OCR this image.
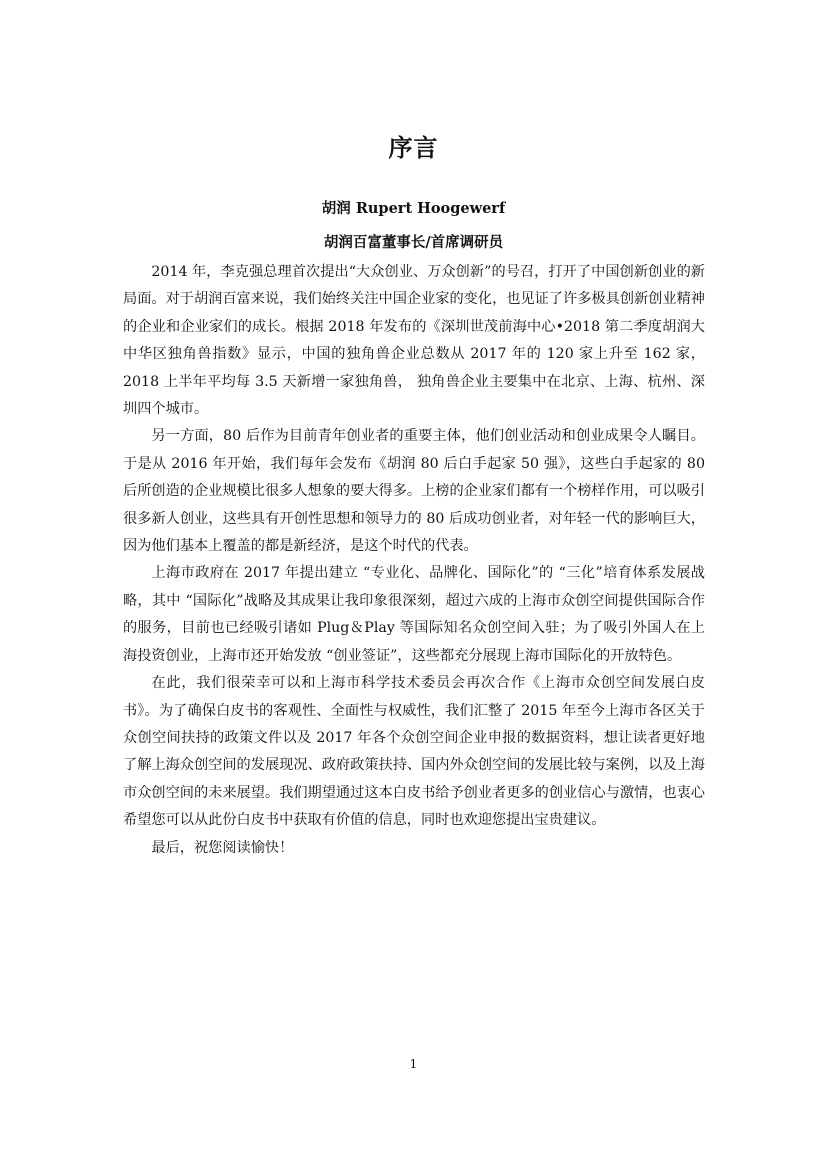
序言
胡润 Rupert Hoogewerf
胡润百富董事长/首席调研员

2014 年，李克强总理首次提出“大众创业、万众创新”的号召，打开了中国创新创业的新局面。对于胡润百富来说，我们始终关注中国企业家的变化，也见证了许多极具创新创业精神的企业和企业家们的成长。根据 2018 年发布的《深圳世茂前海中心•2018 第二季度胡润大中华区独角兽指数》显示，中国的独角兽企业总数从 2017 年的 120 家上升至 162 家，2018 上半年平均每 3.5 天新增一家独角兽， 独角兽企业主要集中在北京、上海、杭州、深圳四个城市。

另一方面，80 后作为目前青年创业者的重要主体，他们创业活动和创业成果令人瞩目。于是从 2016 年开始，我们每年会发布《胡润 80 后白手起家 50 强》，这些白手起家的 80 后所创造的企业规模比很多人想象的要大得多。上榜的企业家们都有一个榜样作用，可以吸引很多新人创业，这些具有开创性思想和领导力的 80 后成功创业者，对年轻一代的影响巨大，因为他们基本上覆盖的都是新经济，是这个时代的代表。

上海市政府在 2017 年提出建立 “专业化、品牌化、国际化”的 “三化”培育体系发展战略，其中 “国际化”战略及其成果让我印象很深刻，超过六成的上海市众创空间提供国际合作的服务，目前也已经吸引诸如 Plug＆Play 等国际知名众创空间入驻；为了吸引外国人在上海投资创业，上海市还开始发放 “创业签证”，这些都充分展现上海市国际化的开放特色。

在此，我们很荣幸可以和上海市科学技术委员会再次合作《上海市众创空间发展白皮书》。为了确保白皮书的客观性、全面性与权威性，我们汇整了 2015 年至今上海市各区关于众创空间扶持的政策文件以及 2017 年各个众创空间企业申报的数据资料，想让读者更好地了解上海众创空间的发展现况、政府政策扶持、国内外众创空间的发展比较与案例，以及上海市众创空间的未来展望。我们期望通过这本白皮书给予创业者更多的创业信心与激情，也衷心希望您可以从此份白皮书中获取有价值的信息，同时也欢迎您提出宝贵建议。

最后，祝您阅读愉快！

1
